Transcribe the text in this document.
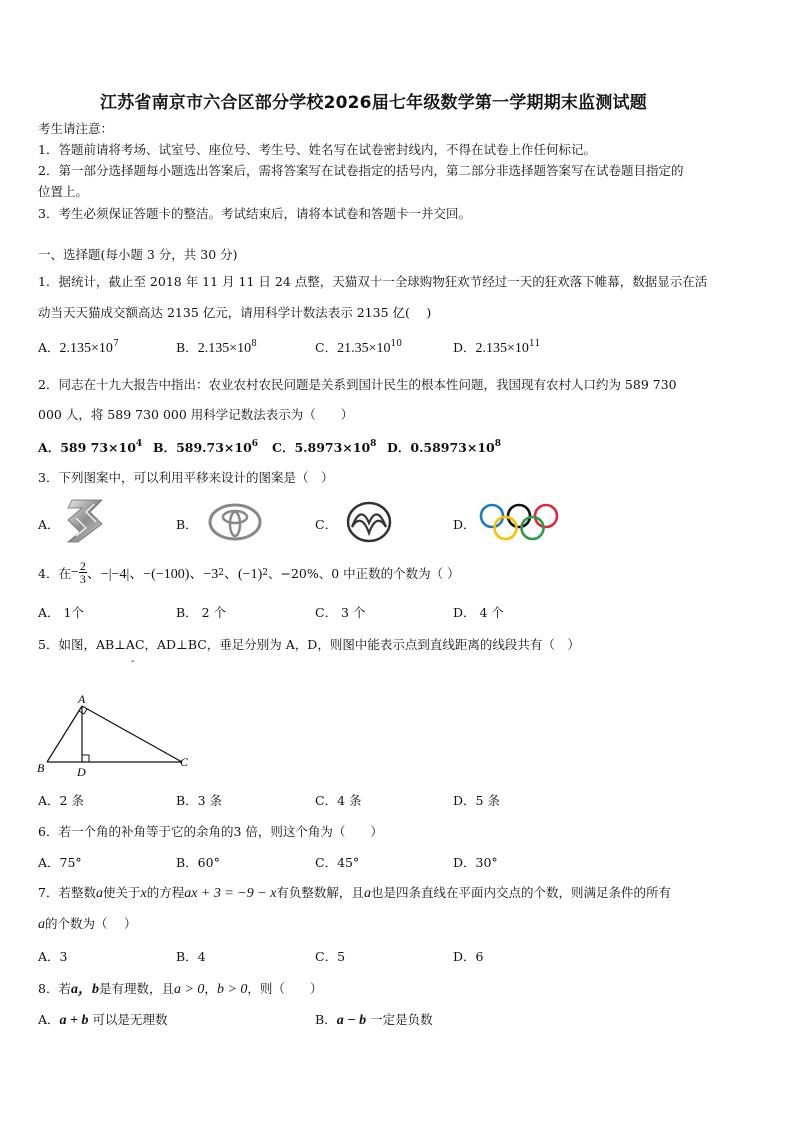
江苏省南京市六合区部分学校2026届七年级数学第一学期期末监测试题
考生请注意：
1．答题前请将考场、试室号、座位号、考生号、姓名写在试卷密封线内，不得在试卷上作任何标记。
2．第一部分选择题每小题选出答案后，需将答案写在试卷指定的括号内，第二部分非选择题答案写在试卷题目指定的
位置上。
3．考生必须保证答题卡的整洁。考试结束后，请将本试卷和答题卡一并交回。
一、选择题(每小题 3 分，共 30 分)
1．据统计，截止至 2018 年 11 月 11 日 24 点整，天猫双十一全球购物狂欢节经过一天的狂欢落下帷幕，数据显示在活
动当天天猫成交额高达 2135 亿元，请用科学计数法表示 2135 亿(　 )
A．$2.135\times 10^7$	B．$2.135\times 10^8$	C．$21.35\times 10^{10}$	D．$2.135\times 10^{11}$
2．同志在十九大报告中指出：农业农村农民问题是关系到国计民生的根本性问题，我国现有农村人口约为 589 730
000 人，将 589 730 000 用科学记数法表示为（　　）
A．589 $73\times 10^4$ B．$589.73\times 10^6$ C．$5.8973\times 10^8$ D．$0.58973\times 10^8$
3．下列图案中，可以利用平移来设计的图案是（　）
A．	B．	C．	D．
4．在 − $\frac{2}{3}$ 、−|−4|、−(−100)、−3 2 、(−1) 2 、−20%、0 中正数的个数为（ ）
A． 1个	B． 2 个	C． 3 个	D． 4 个
5．如图，AB⊥AC，AD⊥BC，垂足分别为 A，D，则图中能表示点到直线距离的线段共有（　）
-
A
B	D
C
A．2 条	B．3 条	C．4 条	D．5 条
6．若一个角的补角等于它的余角的3 倍，则这个角为（　　）
A．75°	B．60°	C．45°	D．30°
7．若整数a使关于x的方程ax + 3 = −9 − x有负整数解，且a也是四条直线在平面内交点的个数，则满足条件的所有
a的个数为（　 ）
A．3	B．4	C．5	D．6
8．若a，b是有理数，且a > 0，b > 0，则（　　）
A．a + b 可以是无理数	B．a − b 一定是负数
